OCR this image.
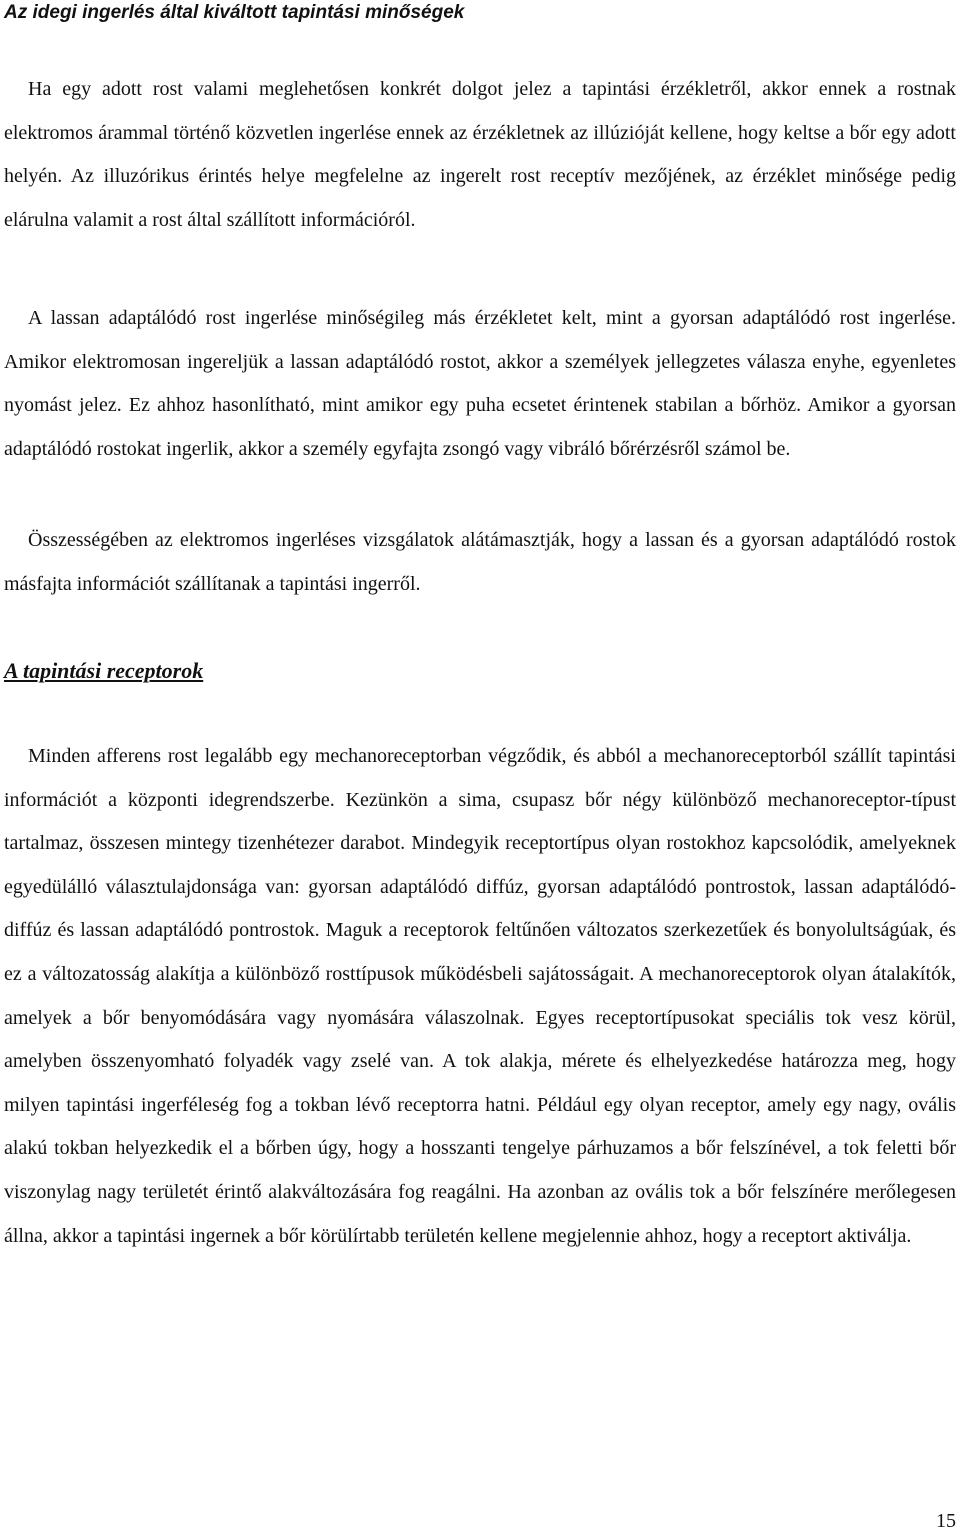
Az idegi ingerlés által kiváltott tapintási minőségek

Ha egy adott rost valami meglehetősen konkrét dolgot jelez a tapintási érzékletről, akkor ennek a rostnak elektromos árammal történő közvetlen ingerlése ennek az érzékletnek az illúzióját kellene, hogy keltse a bőr egy adott helyén. Az illuzórikus érintés helye megfelelne az ingerelt rost receptív mezőjének, az érzéklet minősége pedig elárulna valamit a rost által szállított információról.

A lassan adaptálódó rost ingerlése minőségileg más érzékletet kelt, mint a gyorsan adaptálódó rost ingerlése. Amikor elektromosan ingereljük a lassan adaptálódó rostot, akkor a személyek jellegzetes válasza enyhe, egyenletes nyomást jelez. Ez ahhoz hasonlítható, mint amikor egy puha ecsetet érintenek stabilan a bőrhöz. Amikor a gyorsan adaptálódó rostokat ingerlik, akkor a személy egyfajta zsongó vagy vibráló bőrérzésről számol be.

Összességében az elektromos ingerléses vizsgálatok alátámasztják, hogy a lassan és a gyorsan adaptálódó rostok másfajta információt szállítanak a tapintási ingerről.

A tapintási receptorok

Minden afferens rost legalább egy mechanoreceptorban végződik, és abból a mechanoreceptorból szállít tapintási információt a központi idegrendszerbe. Kezünkön a sima, csupasz bőr négy különböző mechanoreceptor-típust tartalmaz, összesen mintegy tizenhétezer darabot. Mindegyik receptortípus olyan rostokhoz kapcsolódik, amelyeknek egyedülálló választulajdonsága van: gyorsan adaptálódó diffúz, gyorsan adaptálódó pontrostok, lassan adaptálódó-diffúz és lassan adaptálódó pontrostok. Maguk a receptorok feltűnően változatos szerkezetűek és bonyolultságúak, és ez a változatosság alakítja a különböző rosttípusok működésbeli sajátosságait. A mechanoreceptorok olyan átalakítók, amelyek a bőr benyomódására vagy nyomására válaszolnak. Egyes receptortípusokat speciális tok vesz körül, amelyben összenyomható folyadék vagy zselé van. A tok alakja, mérete és elhelyezkedése határozza meg, hogy milyen tapintási ingerféleség fog a tokban lévő receptorra hatni. Például egy olyan receptor, amely egy nagy, ovális alakú tokban helyezkedik el a bőrben úgy, hogy a hosszanti tengelye párhuzamos a bőr felszínével, a tok feletti bőr viszonylag nagy területét érintő alakváltozására fog reagálni. Ha azonban az ovális tok a bőr felszínére merőlegesen állna, akkor a tapintási ingernek a bőr körülírtabb területén kellene megjelennie ahhoz, hogy a receptort aktiválja.

15
